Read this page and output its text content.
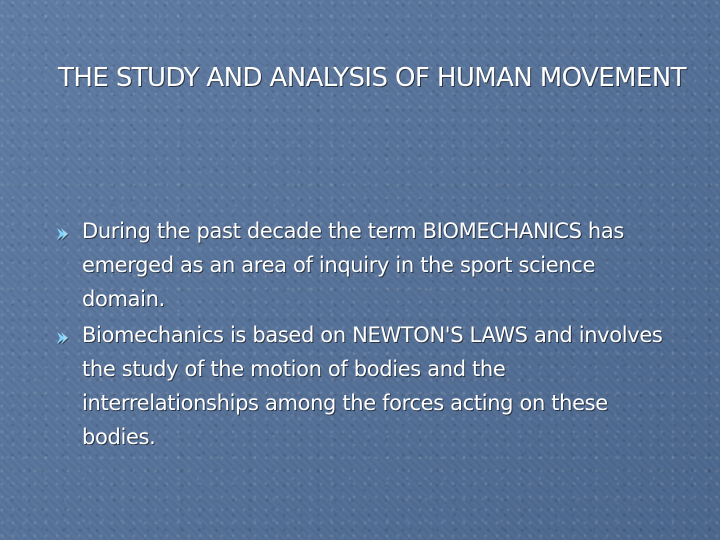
THE STUDY AND ANALYSIS OF HUMAN MOVEMENT
During the past decade the term BIOMECHANICS has emerged as an area of inquiry in the sport science domain.
Biomechanics is based on NEWTON'S LAWS and involves the study of the motion of bodies and the interrelationships among the forces acting on these bodies.
